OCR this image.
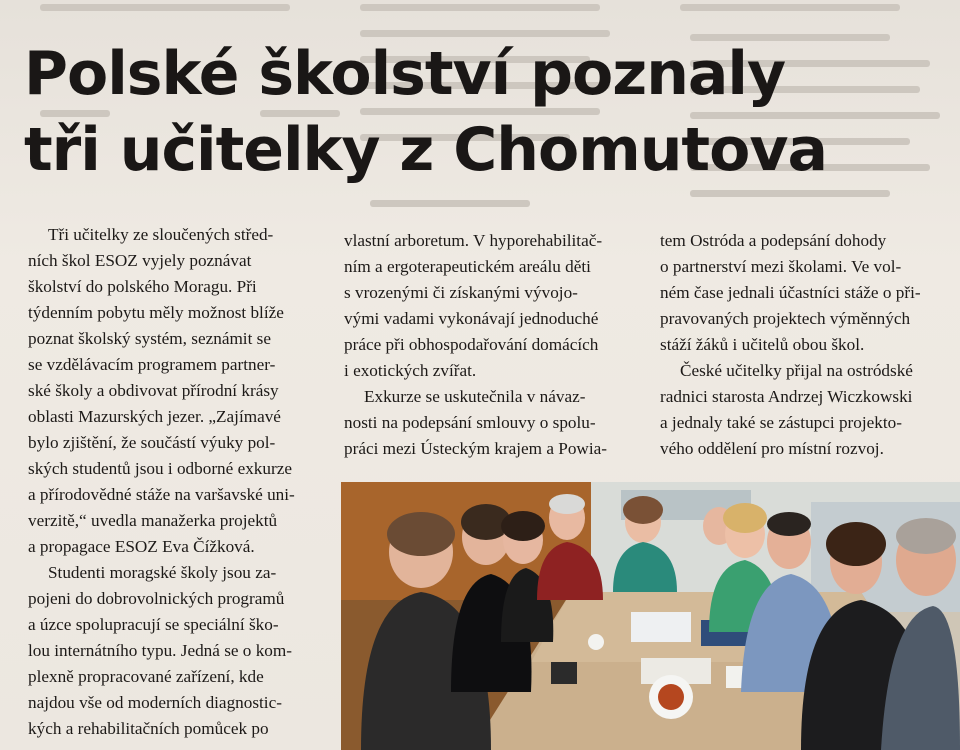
Polské školství poznaly
tři učitelky z Chomutova
Tři učitelky ze sloučených střed-
ních škol ESOZ vyjely poznávat
školství do polského Moragu. Při
týdenním pobytu měly možnost blíže
poznat školský systém, seznámit se
se vzdělávacím programem partner-
ské školy a obdivovat přírodní krásy
oblasti Mazurských jezer. „Zajímavé
bylo zjištění, že součástí výuky pol-
ských studentů jsou i odborné exkurze
a přírodovědné stáže na varšavské uni-
verzitě,“ uvedla manažerka projektů
a propagace ESOZ Eva Čížková.
Studenti moragské školy jsou za-
pojeni do dobrovolnických programů
a úzce spolupracují se speciální ško-
lou internátního typu. Jedná se o kom-
plexně propracované zařízení, kde
najdou vše od moderních diagnostic-
kých a rehabilitačních pomůcek po
vlastní arboretum. V hyporehabilitač-
ním a ergoterapeutickém areálu děti
s vrozenými či získanými vývojo-
vými vadami vykonávají jednoduché
práce při obhospodařování domácích
i exotických zvířat.
Exkurze se uskutečnila v návaz-
nosti na podepsání smlouvy o spolu-
práci mezi Ústeckým krajem a Powia-
tem Ostróda a podepsání dohody
o partnerství mezi školami. Ve vol-
ném čase jednali účastníci stáže o při-
pravovaných projektech výměnných
stáží žáků i učitelů obou škol.
České učitelky přijal na ostródské
radnici starosta Andrzej Wiczkowski
a jednaly také se zástupci projekto-
vého oddělení pro místní rozvoj.
